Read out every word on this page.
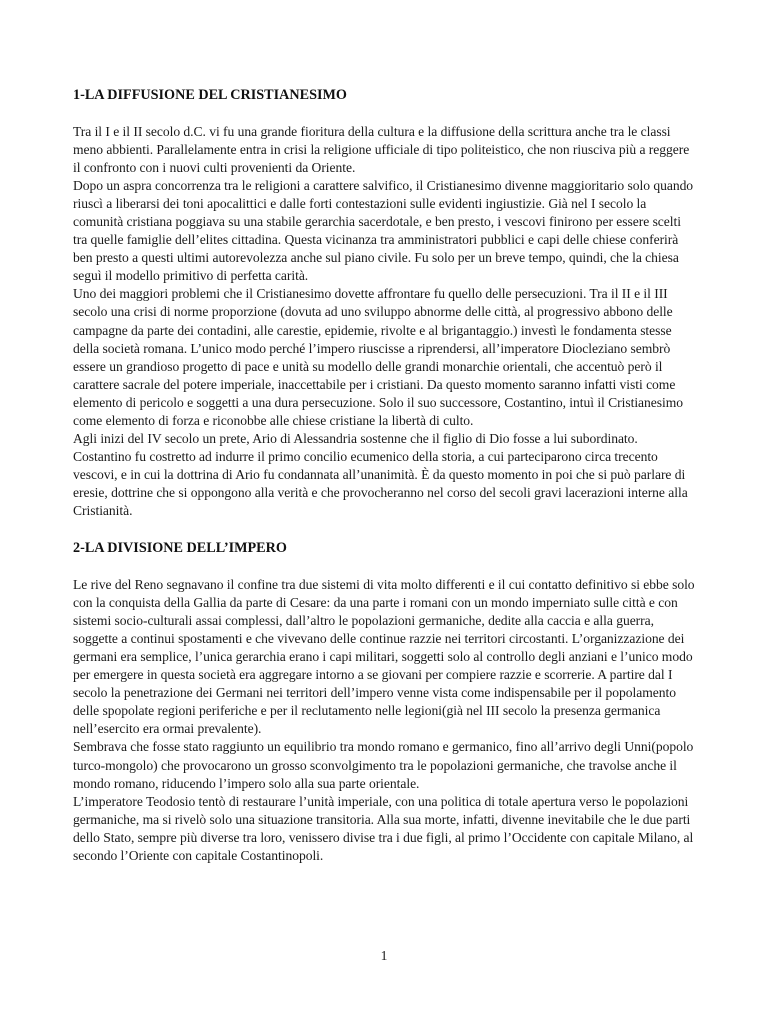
1-LA DIFFUSIONE DEL CRISTIANESIMO

Tra il I e il II secolo d.C. vi fu una grande fioritura della cultura e la diffusione della scrittura anche tra le classi meno abbienti. Parallelamente entra in crisi la religione ufficiale di tipo politeistico, che non riusciva più a reggere il confronto con i nuovi culti provenienti da Oriente.

Dopo un aspra concorrenza tra le religioni a carattere salvifico, il Cristianesimo divenne maggioritario solo quando riuscì a liberarsi dei toni apocalittici e dalle forti contestazioni sulle evidenti ingiustizie. Già nel I secolo la comunità cristiana poggiava su una stabile gerarchia sacerdotale, e ben presto, i vescovi finirono per essere scelti tra quelle famiglie dell’elites cittadina. Questa vicinanza tra amministratori pubblici e capi delle chiese conferirà ben presto a questi ultimi autorevolezza anche sul piano civile. Fu solo per un breve tempo, quindi, che la chiesa seguì il modello primitivo di perfetta carità.

Uno dei maggiori problemi che il Cristianesimo dovette affrontare fu quello delle persecuzioni. Tra il II e il III secolo una crisi di norme proporzione (dovuta ad uno sviluppo abnorme delle città, al progressivo abbono delle campagne da parte dei contadini, alle carestie, epidemie, rivolte e al brigantaggio.) investì le fondamenta stesse della società romana. L’unico modo perché l’impero riuscisse a riprendersi, all’imperatore Diocleziano sembrò essere un grandioso progetto di pace e unità su modello delle grandi monarchie orientali, che accentuò però il carattere sacrale del potere imperiale, inaccettabile per i cristiani. Da questo momento saranno infatti visti come elemento di pericolo e soggetti a una dura persecuzione. Solo il suo successore, Costantino, intuì il Cristianesimo come elemento di forza e riconobbe alle chiese cristiane la libertà di culto.

Agli inizi del IV secolo un prete, Ario di Alessandria sostenne che il figlio di Dio fosse a lui subordinato. Costantino fu costretto ad indurre il primo concilio ecumenico della storia, a cui parteciparono circa trecento vescovi, e in cui la dottrina di Ario fu condannata all’unanimità. È da questo momento in poi che si può parlare di eresie, dottrine che si oppongono alla verità e che provocheranno nel corso del secoli gravi lacerazioni interne alla Cristianità.

2-LA DIVISIONE DELL’IMPERO

Le rive del Reno segnavano il confine tra due sistemi di vita molto differenti e il cui contatto definitivo si ebbe solo con la conquista della Gallia da parte di Cesare: da una parte i romani con un mondo imperniato sulle città e con sistemi socio-culturali assai complessi, dall’altro le popolazioni germaniche, dedite alla caccia e alla guerra, soggette a continui spostamenti e che vivevano delle continue razzie nei territori circostanti. L’organizzazione dei germani era semplice, l’unica gerarchia erano i capi militari, soggetti solo al controllo degli anziani e l’unico modo per emergere in questa società era aggregare intorno a se giovani per compiere razzie e scorrerie. A partire dal I secolo la penetrazione dei Germani nei territori dell’impero venne vista come indispensabile per il popolamento delle spopolate regioni periferiche e per il reclutamento nelle legioni(già nel III secolo la presenza germanica nell’esercito era ormai prevalente).

Sembrava che fosse stato raggiunto un equilibrio tra mondo romano e germanico, fino all’arrivo degli Unni(popolo turco-mongolo) che provocarono un grosso sconvolgimento tra le popolazioni germaniche, che travolse anche il mondo romano, riducendo l’impero solo alla sua parte orientale.

L’imperatore Teodosio tentò di restaurare l’unità imperiale, con una politica di totale apertura verso le popolazioni germaniche, ma si rivelò solo una situazione transitoria. Alla sua morte, infatti, divenne inevitabile che le due parti dello Stato, sempre più diverse tra loro, venissero divise tra i due figli, al primo l’Occidente con capitale Milano, al secondo l’Oriente con capitale Costantinopoli.

1
